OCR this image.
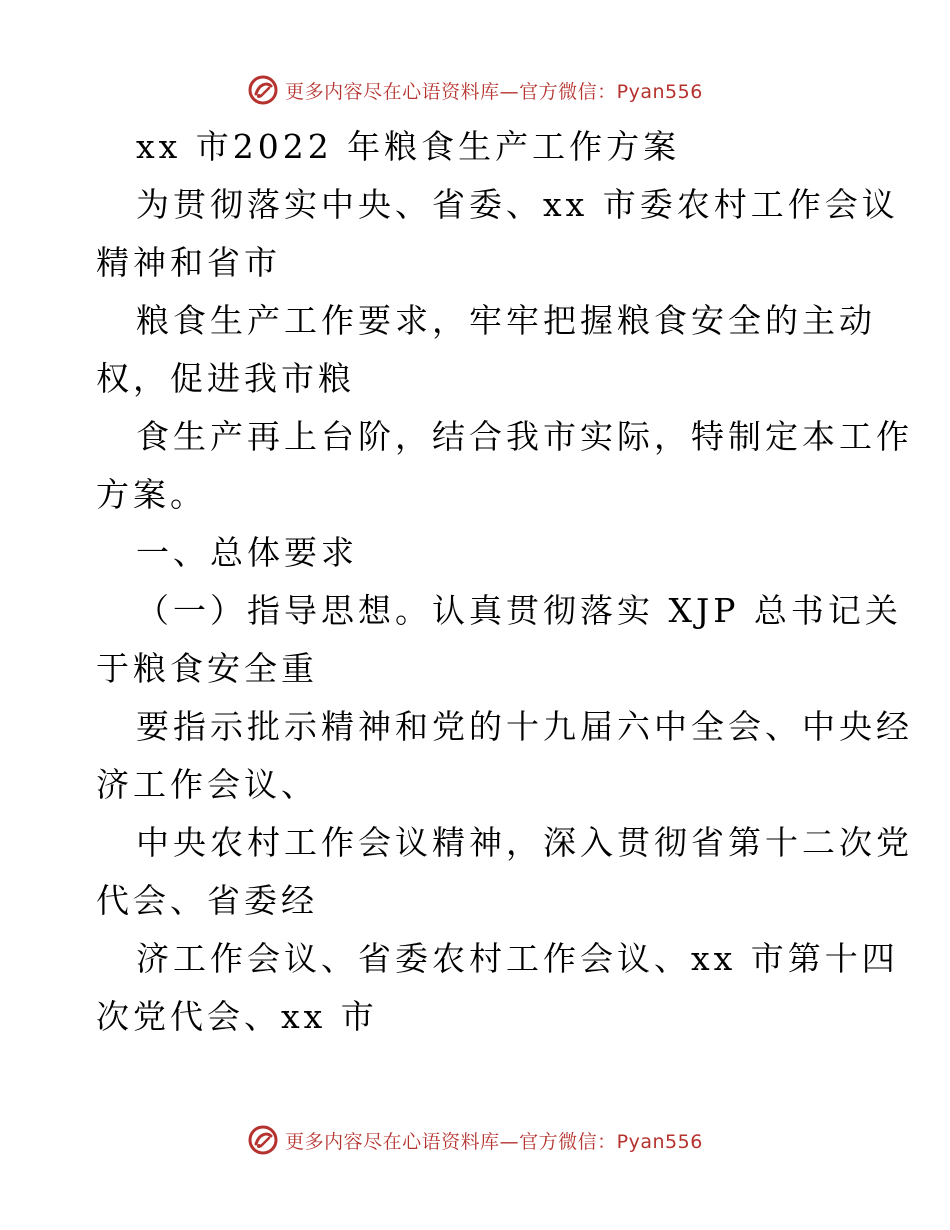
更多内容尽在心语资料库—官方微信：Pyan556
xx 市2022 年粮食生产工作方案
为贯彻落实中央、省委、xx 市委农村工作会议
精神和省市
粮食生产工作要求，牢牢把握粮食安全的主动
权，促进我市粮
食生产再上台阶，结合我市实际，特制定本工作
方案。
一、总体要求
（一）指导思想。认真贯彻落实 XJP 总书记关
于粮食安全重
要指示批示精神和党的十九届六中全会、中央经
济工作会议、
中央农村工作会议精神，深入贯彻省第十二次党
代会、省委经
济工作会议、省委农村工作会议、xx 市第十四
次党代会、xx 市
更多内容尽在心语资料库—官方微信：Pyan556
